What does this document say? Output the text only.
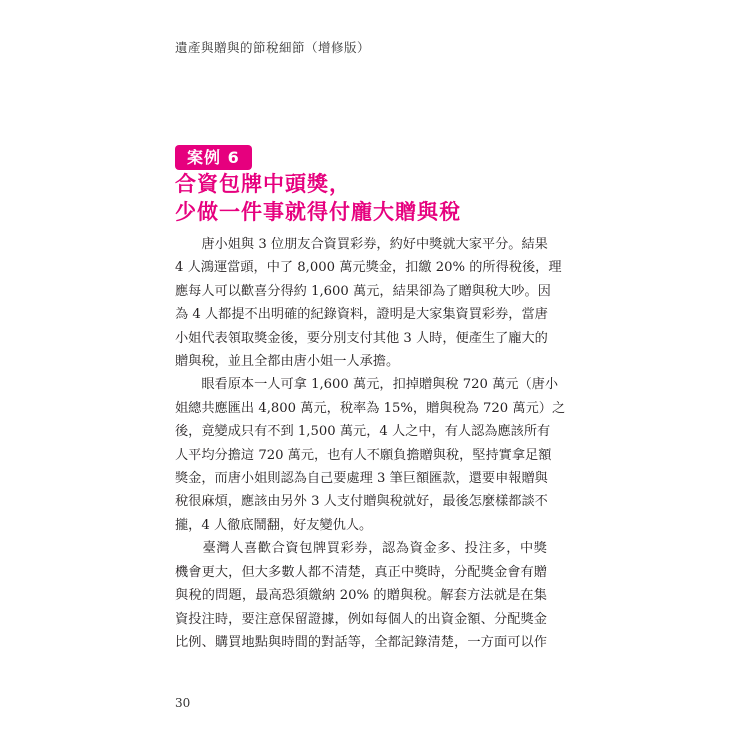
遺產與贈與的節稅細節（增修版）
案例 6
合資包牌中頭獎，
少做一件事就得付龐大贈與稅

　　唐小姐與 3 位朋友合資買彩券，約好中獎就大家平分。結果
4 人鴻運當頭，中了 8,000 萬元獎金，扣繳 20% 的所得稅後，理
應每人可以歡喜分得約 1,600 萬元，結果卻為了贈與稅大吵。因
為 4 人都提不出明確的紀錄資料，證明是大家集資買彩券，當唐
小姐代表領取獎金後，要分別支付其他 3 人時，便產生了龐大的
贈與稅，並且全都由唐小姐一人承擔。

　　眼看原本一人可拿 1,600 萬元，扣掉贈與稅 720 萬元（唐小
姐總共應匯出 4,800 萬元，稅率為 15%，贈與稅為 720 萬元）之
後，竟變成只有不到 1,500 萬元，4 人之中，有人認為應該所有
人平均分擔這 720 萬元，也有人不願負擔贈與稅，堅持實拿足額
獎金，而唐小姐則認為自己要處理 3 筆巨額匯款，還要申報贈與
稅很麻煩，應該由另外 3 人支付贈與稅就好，最後怎麼樣都談不
攏，4 人徹底鬧翻，好友變仇人。

　　臺灣人喜歡合資包牌買彩券，認為資金多、投注多，中獎
機會更大，但大多數人都不清楚，真正中獎時，分配獎金會有贈
與稅的問題，最高恐須繳納 20% 的贈與稅。解套方法就是在集
資投注時，要注意保留證據，例如每個人的出資金額、分配獎金
比例、購買地點與時間的對話等，全都記錄清楚，一方面可以作

30
